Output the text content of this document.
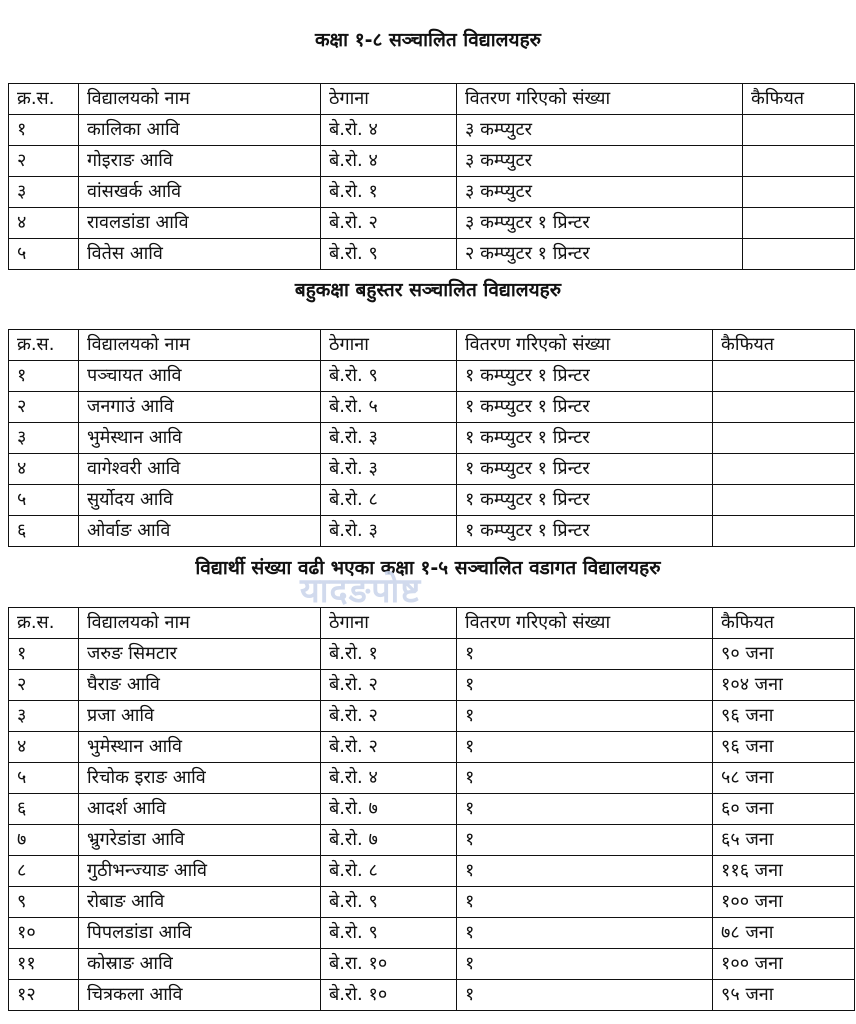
कक्षा १-८ सञ्चालित विद्यालयहरु
क्र.स.	विद्यालयको नाम	ठेगाना	वितरण गरिएको संख्या	कैफियत
१	कालिका आवि	बे.रो. ४	३ कम्प्युटर	
२	गोइराङ आवि	बे.रो. ४	३ कम्प्युटर	
३	वांसखर्क आवि	बे.रो. १	३ कम्प्युटर	
४	रावलडांडा आवि	बे.रो. २	३ कम्प्युटर १ प्रिन्टर	
५	वितेस आवि	बे.रो. ९	२ कम्प्युटर १ प्रिन्टर	
बहुकक्षा बहुस्तर सञ्चालित विद्यालयहरु
क्र.स.	विद्यालयको नाम	ठेगाना	वितरण गरिएको संख्या	कैफियत
१	पञ्चायत आवि	बे.रो. ९	१ कम्प्युटर १ प्रिन्टर	
२	जनगाउं आवि	बे.रो. ५	१ कम्प्युटर १ प्रिन्टर	
३	भुमेस्थान आवि	बे.रो. ३	१ कम्प्युटर १ प्रिन्टर	
४	वागेश्वरी आवि	बे.रो. ३	१ कम्प्युटर १ प्रिन्टर	
५	सुर्योदय आवि	बे.रो. ८	१ कम्प्युटर १ प्रिन्टर	
६	ओर्वाङ आवि	बे.रो. ३	१ कम्प्युटर १ प्रिन्टर	
विद्यार्थी संख्या वढी भएका कक्षा १-५ सञ्चालित वडागत विद्यालयहरु
क्र.स.	विद्यालयको नाम	ठेगाना	वितरण गरिएको संख्या	कैफियत
१	जरुङ सिमटार	बे.रो. १	१	९० जना
२	घैराङ आवि	बे.रो. २	१	१०४ जना
३	प्रजा आवि	बे.रो. २	१	९६ जना
४	भुमेस्थान आवि	बे.रो. २	१	९६ जना
५	रिचोक इराङ आवि	बे.रो. ४	१	५८ जना
६	आदर्श आवि	बे.रो. ७	१	६० जना
७	भ्रुगरेडांडा आवि	बे.रो. ७	१	६५ जना
८	गुठीभन्ज्याङ आवि	बे.रो. ८	१	११६ जना
९	रोबाङ आवि	बे.रो. ९	१	१०० जना
१०	पिपलडांडा आवि	बे.रो. ९	१	७८ जना
११	कोस्राङ आवि	बे.रा. १०	१	१०० जना
१२	चित्रकला आवि	बे.रो. १०	१	९५ जना
यादङपोष्ट
